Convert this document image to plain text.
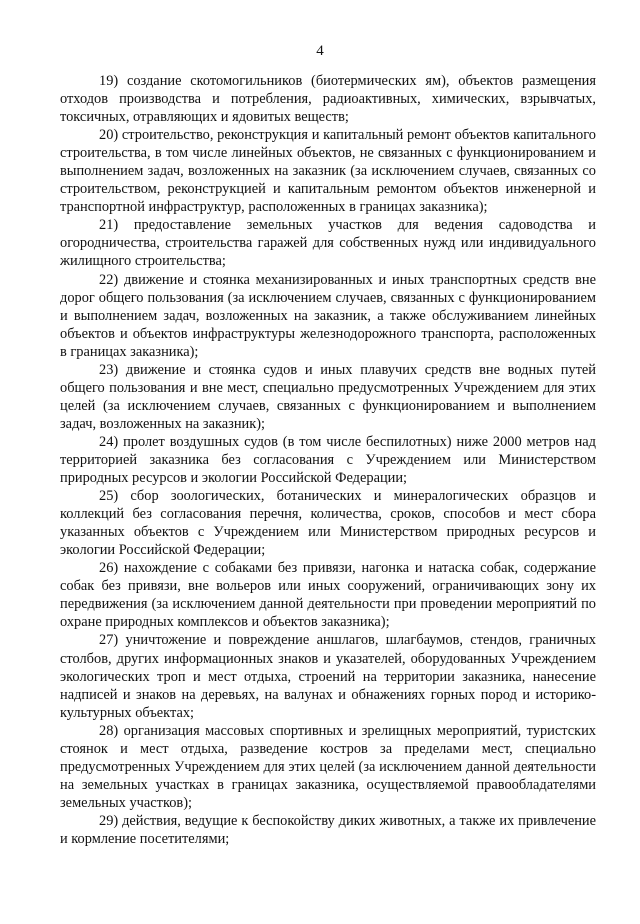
4

19) создание скотомогильников (биотермических ям), объектов размещения отходов производства и потребления, радиоактивных, химических, взрывчатых, токсичных, отравляющих и ядовитых веществ;

20) строительство, реконструкция и капитальный ремонт объектов капитального строительства, в том числе линейных объектов, не связанных с функционированием и выполнением задач, возложенных на заказник (за исключением случаев, связанных со строительством, реконструкцией и капитальным ремонтом объектов инженерной и транспортной инфраструктур, расположенных в границах заказника);

21) предоставление земельных участков для ведения садоводства и огородничества, строительства гаражей для собственных нужд или индивидуального жилищного строительства;

22) движение и стоянка механизированных и иных транспортных средств вне дорог общего пользования (за исключением случаев, связанных с функционированием и выполнением задач, возложенных на заказник, а также обслуживанием линейных объектов и объектов инфраструктуры железнодорожного транспорта, расположенных в границах заказника);

23) движение и стоянка судов и иных плавучих средств вне водных путей общего пользования и вне мест, специально предусмотренных Учреждением для этих целей (за исключением случаев, связанных с функционированием и выполнением задач, возложенных на заказник);

24) пролет воздушных судов (в том числе беспилотных) ниже 2000 метров над территорией заказника без согласования с Учреждением или Министерством природных ресурсов и экологии Российской Федерации;

25) сбор зоологических, ботанических и минералогических образцов и коллекций без согласования перечня, количества, сроков, способов и мест сбора указанных объектов с Учреждением или Министерством природных ресурсов и экологии Российской Федерации;

26) нахождение с собаками без привязи, нагонка и натаска собак, содержание собак без привязи, вне вольеров или иных сооружений, ограничивающих зону их передвижения (за исключением данной деятельности при проведении мероприятий по охране природных комплексов и объектов заказника);

27) уничтожение и повреждение аншлагов, шлагбаумов, стендов, граничных столбов, других информационных знаков и указателей, оборудованных Учреждением экологических троп и мест отдыха, строений на территории заказника, нанесение надписей и знаков на деревьях, на валунах и обнажениях горных пород и историко-культурных объектах;

28) организация массовых спортивных и зрелищных мероприятий, туристских стоянок и мест отдыха, разведение костров за пределами мест, специально предусмотренных Учреждением для этих целей (за исключением данной деятельности на земельных участках в границах заказника, осуществляемой правообладателями земельных участков);

29) действия, ведущие к беспокойству диких животных, а также их привлечение и кормление посетителями;
